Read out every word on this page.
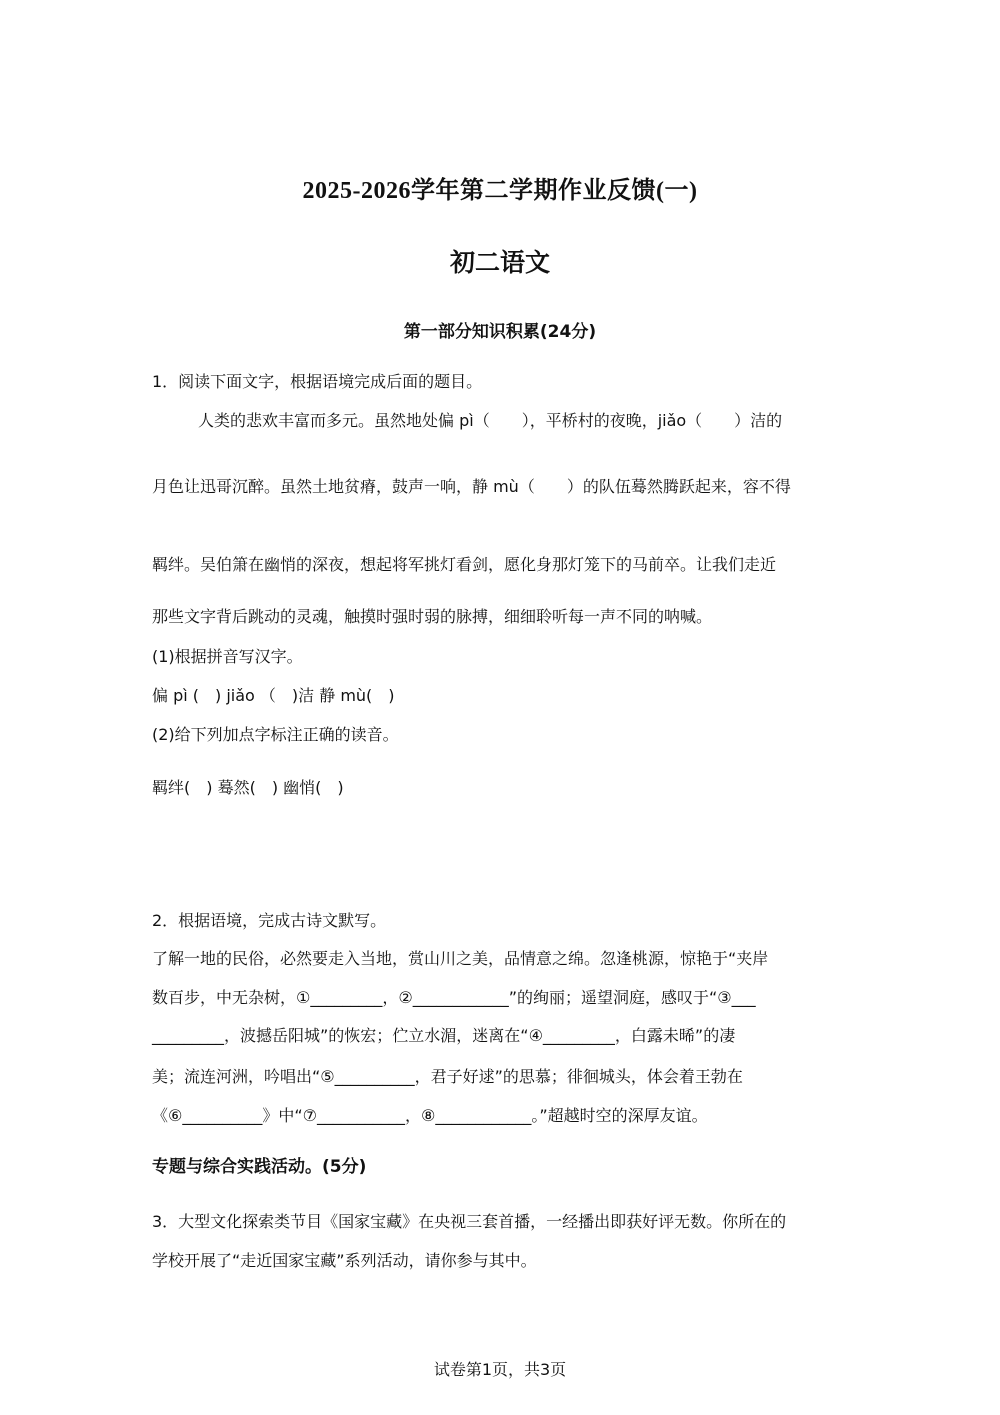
2025-2026学年第二学期作业反馈(一)
初二语文
第一部分知识积累(24分)
1．阅读下面文字，根据语境完成后面的题目。
人类的悲欢丰富而多元。虽然地处偏 pì（　　），平桥村的夜晚，jiǎo（　　）洁的
月色让迅哥沉醉。虽然土地贫瘠，鼓声一响，静 mù（　　）的队伍蓦然腾跃起来，容不得
羁绊。吴伯箫在幽悄的深夜，想起将军挑灯看剑，愿化身那灯笼下的马前卒。让我们走近
那些文字背后跳动的灵魂，触摸时强时弱的脉搏，细细聆听每一声不同的呐喊。
(1)根据拼音写汉字。
偏 pì (　) jiǎo （　)洁 静 mù(　)
(2)给下列加点字标注正确的读音。
羁绊(　) 蓦然(　) 幽悄(　)
2．根据语境，完成古诗文默写。
了解一地的民俗，必然要走入当地，赏山川之美，品情意之绵。忽逢桃源，惊艳于“夹岸
数百步，中无杂树，①_________，②____________”的绚丽；遥望洞庭，感叹于“③___
_________，波撼岳阳城”的恢宏；伫立水湄，迷离在“④_________，白露未晞”的凄
美；流连河洲，吟唱出“⑤__________，君子好逑”的思慕；徘徊城头，体会着王勃在
《⑥__________》中“⑦___________，⑧____________。”超越时空的深厚友谊。
专题与综合实践活动。(5分)
3．大型文化探索类节目《国家宝藏》在央视三套首播，一经播出即获好评无数。你所在的
学校开展了“走近国家宝藏”系列活动，请你参与其中。
试卷第1页，共3页
